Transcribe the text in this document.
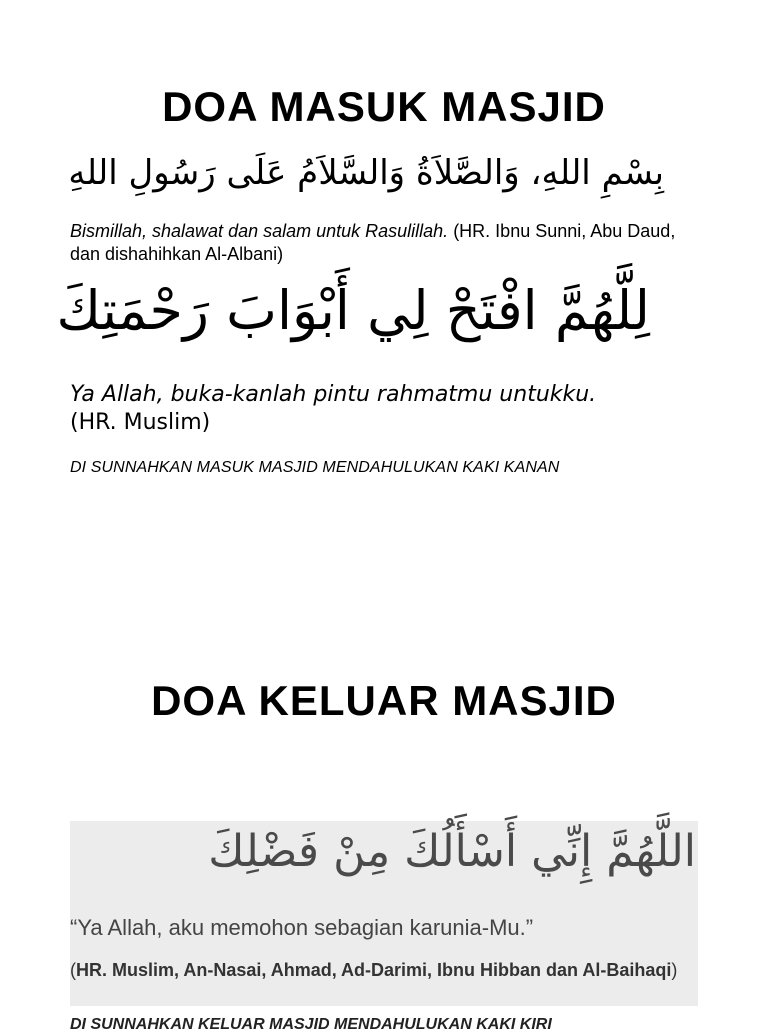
DOA MASUK MASJID
بِسْمِ اللهِ، وَالصَّلاَةُ وَالسَّلاَمُ عَلَى رَسُولِ اللهِ
Bismillah, shalawat dan salam untuk Rasulillah. (HR. Ibnu Sunni, Abu Daud, dan dishahihkan Al-Albani)
لِلَّهُمَّ افْتَحْ لِي أَبْوَابَ رَحْمَتِكَ
Ya Allah, buka-kanlah pintu rahmatmu untukku. (HR. Muslim)
DI SUNNAHKAN MASUK MASJID MENDAHULUKAN KAKI KANAN
DOA KELUAR MASJID
اللَّهُمَّ إِنِّي أَسْأَلُكَ مِنْ فَضْلِكَ
“Ya Allah, aku memohon sebagian karunia-Mu.”
(HR. Muslim, An-Nasai, Ahmad, Ad-Darimi, Ibnu Hibban dan Al-Baihaqi)
DI SUNNAHKAN KELUAR MASJID MENDAHULUKAN KAKI KIRI
